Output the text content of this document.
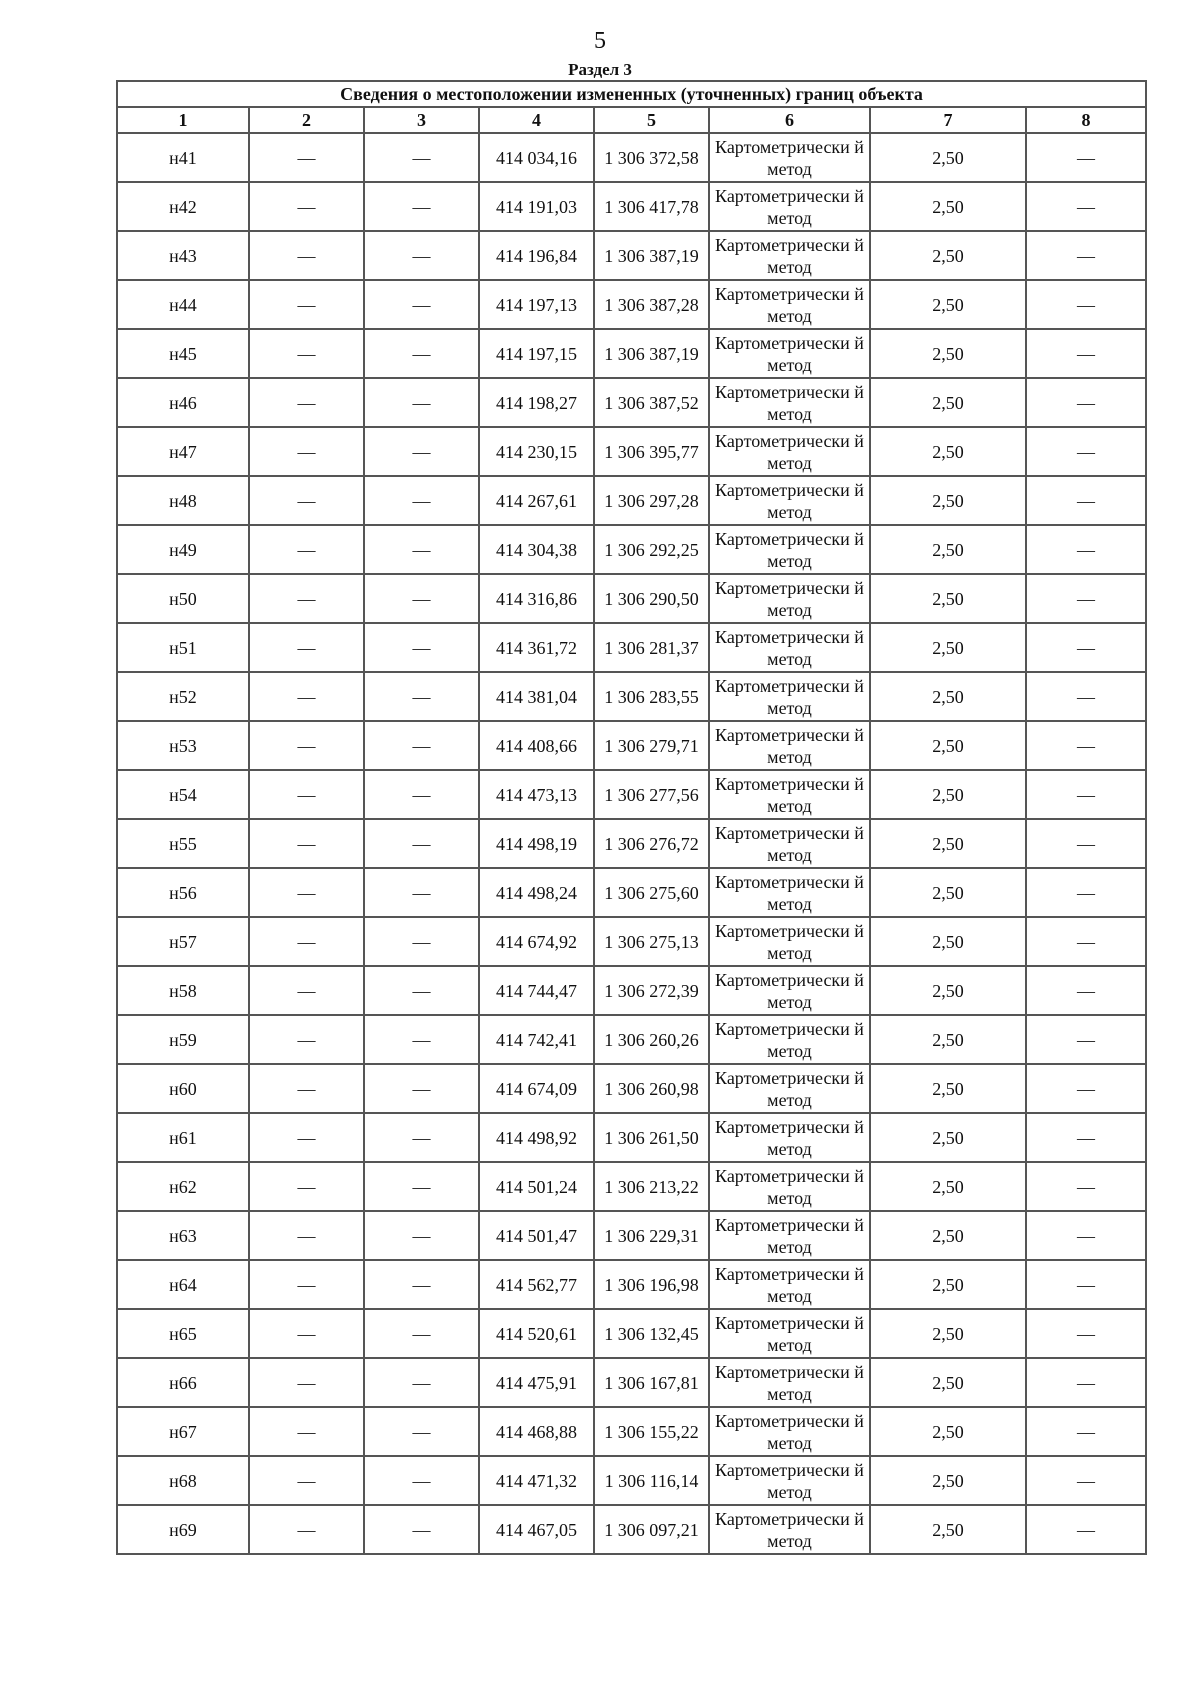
5
Раздел 3
Сведения о местоположении измененных (уточненных) границ объекта							
1	2	3	4	5	6	7	8
н41	—	—	414 034,16	1 306 372,58	Картометрически й метод	2,50	—
н42	—	—	414 191,03	1 306 417,78	Картометрически й метод	2,50	—
н43	—	—	414 196,84	1 306 387,19	Картометрически й метод	2,50	—
н44	—	—	414 197,13	1 306 387,28	Картометрически й метод	2,50	—
н45	—	—	414 197,15	1 306 387,19	Картометрически й метод	2,50	—
н46	—	—	414 198,27	1 306 387,52	Картометрически й метод	2,50	—
н47	—	—	414 230,15	1 306 395,77	Картометрически й метод	2,50	—
н48	—	—	414 267,61	1 306 297,28	Картометрически й метод	2,50	—
н49	—	—	414 304,38	1 306 292,25	Картометрически й метод	2,50	—
н50	—	—	414 316,86	1 306 290,50	Картометрически й метод	2,50	—
н51	—	—	414 361,72	1 306 281,37	Картометрически й метод	2,50	—
н52	—	—	414 381,04	1 306 283,55	Картометрически й метод	2,50	—
н53	—	—	414 408,66	1 306 279,71	Картометрически й метод	2,50	—
н54	—	—	414 473,13	1 306 277,56	Картометрически й метод	2,50	—
н55	—	—	414 498,19	1 306 276,72	Картометрически й метод	2,50	—
н56	—	—	414 498,24	1 306 275,60	Картометрически й метод	2,50	—
н57	—	—	414 674,92	1 306 275,13	Картометрически й метод	2,50	—
н58	—	—	414 744,47	1 306 272,39	Картометрически й метод	2,50	—
н59	—	—	414 742,41	1 306 260,26	Картометрически й метод	2,50	—
н60	—	—	414 674,09	1 306 260,98	Картометрически й метод	2,50	—
н61	—	—	414 498,92	1 306 261,50	Картометрически й метод	2,50	—
н62	—	—	414 501,24	1 306 213,22	Картометрически й метод	2,50	—
н63	—	—	414 501,47	1 306 229,31	Картометрически й метод	2,50	—
н64	—	—	414 562,77	1 306 196,98	Картометрически й метод	2,50	—
н65	—	—	414 520,61	1 306 132,45	Картометрически й метод	2,50	—
н66	—	—	414 475,91	1 306 167,81	Картометрически й метод	2,50	—
н67	—	—	414 468,88	1 306 155,22	Картометрически й метод	2,50	—
н68	—	—	414 471,32	1 306 116,14	Картометрически й метод	2,50	—
н69	—	—	414 467,05	1 306 097,21	Картометрически й метод	2,50	—
